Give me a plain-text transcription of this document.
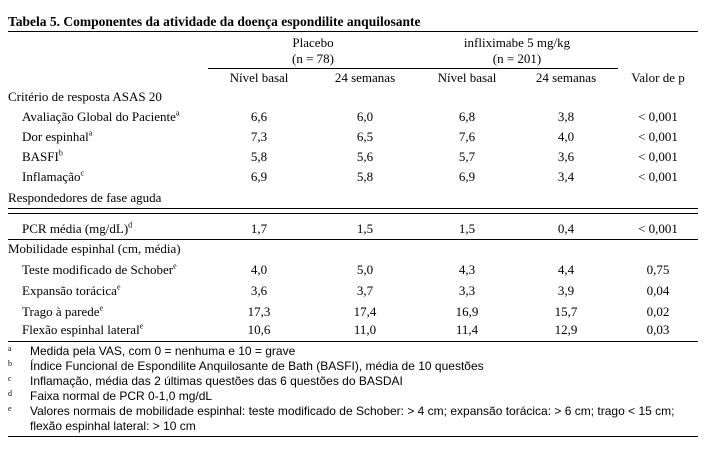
Tabela 5. Componentes da atividade da doença espondilite anquilosante
Placebo
(n = 78)
infliximabe 5 mg/kg
(n = 201)
Nível basal	24 semanas	Nível basal	24 semanas	Valor de p
Critério de resposta ASAS 20
Avaliação Global do Paciente$^a$	6,6	6,0	6,8	3,8	< 0,001
Dor espinhal$^a$	7,3	6,5	7,6	4,0	< 0,001
BASFI$^b$	5,8	5,6	5,7	3,6	< 0,001
Inflamação$^c$	6,9	5,8	6,9	3,4	< 0,001
Respondedores de fase aguda
PCR média $(mg/dL)^d$	1,7	1,5	1,5	0,4	< 0,001
Mobilidade espinhal (cm, média)
Teste modificado de Schober$^e$	4,0	5,0	4,3	4,4	0,75
Expansão torácica$^e$	3,6	3,7	3,3	3,9	0,04
Trago à parede$^e$	17,3	17,4	16,9	15,7	0,02
Flexão espinhal lateral$^e$	10,6	11,0	11,4	12,9	0,03
a Medida pela VAS, com 0 = nenhuma e 10 = grave
b Índice Funcional de Espondilite Anquilosante de Bath (BASFI), média de 10 questões
c Inflamação, média das 2 últimas questões das 6 questões do BASDAI
d Faixa normal de PCR 0-1,0 mg/dL
e Valores normais de mobilidade espinhal: teste modificado de Schober: > 4 cm; expansão torácica: > 6 cm; trago < 15 cm;
flexão espinhal lateral: > 10 cm
